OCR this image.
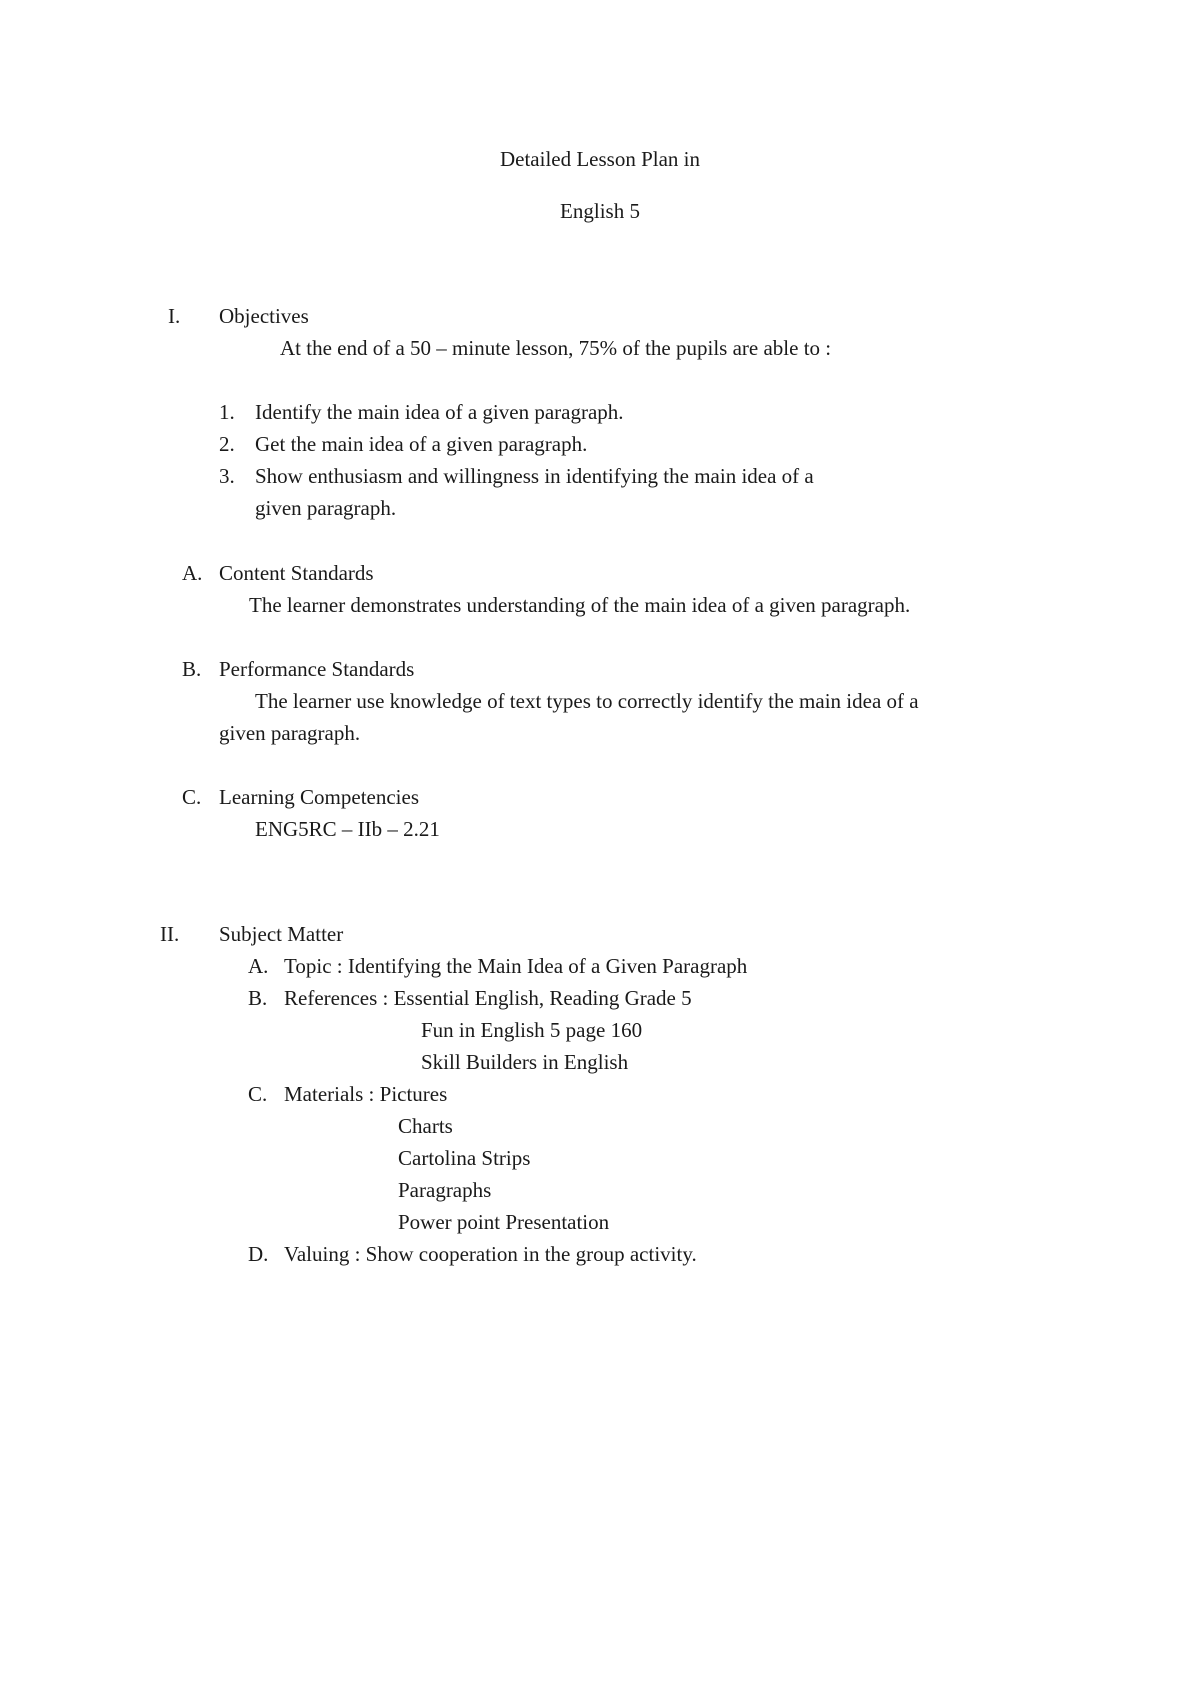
Detailed Lesson Plan in
English 5
I. Objectives
At the end of a 50 – minute lesson, 75% of the pupils are able to :
1. Identify the main idea of a given paragraph.
2. Get the main idea of a given paragraph.
3. Show enthusiasm and willingness in identifying the main idea of a
given paragraph.
A. Content Standards
The learner demonstrates understanding of the main idea of a given paragraph.
B. Performance Standards
The learner use knowledge of text types to correctly identify the main idea of a
given paragraph.
C. Learning Competencies
ENG5RC – IIb – 2.21
II. Subject Matter
A. Topic : Identifying the Main Idea of a Given Paragraph
B. References : Essential English, Reading Grade 5
Fun in English 5 page 160
Skill Builders in English
C. Materials : Pictures
Charts
Cartolina Strips
Paragraphs
Power point Presentation
D. Valuing : Show cooperation in the group activity.
